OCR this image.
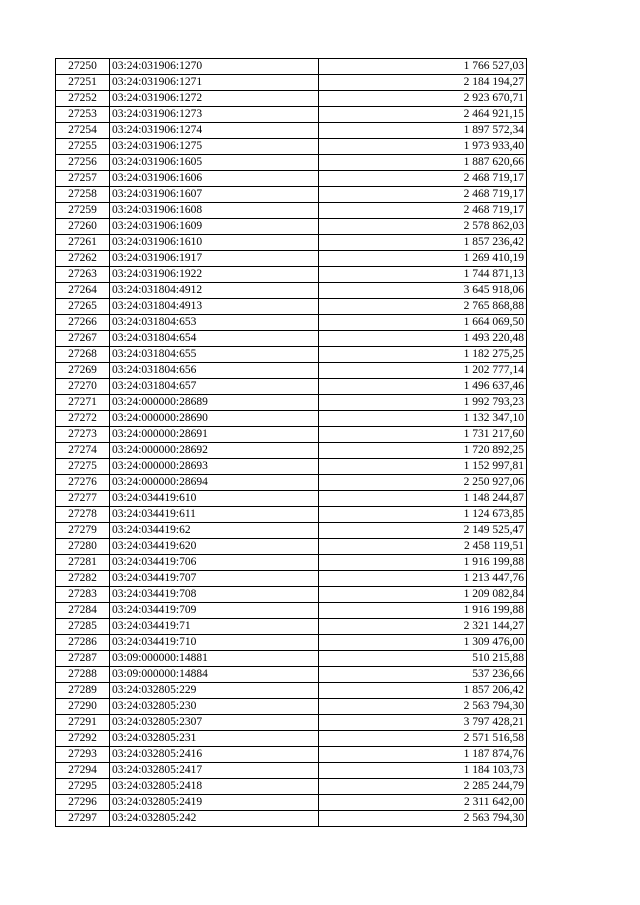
27250	03:24:031906:1270	1 766 527,03
27251	03:24:031906:1271	2 184 194,27
27252	03:24:031906:1272	2 923 670,71
27253	03:24:031906:1273	2 464 921,15
27254	03:24:031906:1274	1 897 572,34
27255	03:24:031906:1275	1 973 933,40
27256	03:24:031906:1605	1 887 620,66
27257	03:24:031906:1606	2 468 719,17
27258	03:24:031906:1607	2 468 719,17
27259	03:24:031906:1608	2 468 719,17
27260	03:24:031906:1609	2 578 862,03
27261	03:24:031906:1610	1 857 236,42
27262	03:24:031906:1917	1 269 410,19
27263	03:24:031906:1922	1 744 871,13
27264	03:24:031804:4912	3 645 918,06
27265	03:24:031804:4913	2 765 868,88
27266	03:24:031804:653	1 664 069,50
27267	03:24:031804:654	1 493 220,48
27268	03:24:031804:655	1 182 275,25
27269	03:24:031804:656	1 202 777,14
27270	03:24:031804:657	1 496 637,46
27271	03:24:000000:28689	1 992 793,23
27272	03:24:000000:28690	1 132 347,10
27273	03:24:000000:28691	1 731 217,60
27274	03:24:000000:28692	1 720 892,25
27275	03:24:000000:28693	1 152 997,81
27276	03:24:000000:28694	2 250 927,06
27277	03:24:034419:610	1 148 244,87
27278	03:24:034419:611	1 124 673,85
27279	03:24:034419:62	2 149 525,47
27280	03:24:034419:620	2 458 119,51
27281	03:24:034419:706	1 916 199,88
27282	03:24:034419:707	1 213 447,76
27283	03:24:034419:708	1 209 082,84
27284	03:24:034419:709	1 916 199,88
27285	03:24:034419:71	2 321 144,27
27286	03:24:034419:710	1 309 476,00
27287	03:09:000000:14881	510 215,88
27288	03:09:000000:14884	537 236,66
27289	03:24:032805:229	1 857 206,42
27290	03:24:032805:230	2 563 794,30
27291	03:24:032805:2307	3 797 428,21
27292	03:24:032805:231	2 571 516,58
27293	03:24:032805:2416	1 187 874,76
27294	03:24:032805:2417	1 184 103,73
27295	03:24:032805:2418	2 285 244,79
27296	03:24:032805:2419	2 311 642,00
27297	03:24:032805:242	2 563 794,30
